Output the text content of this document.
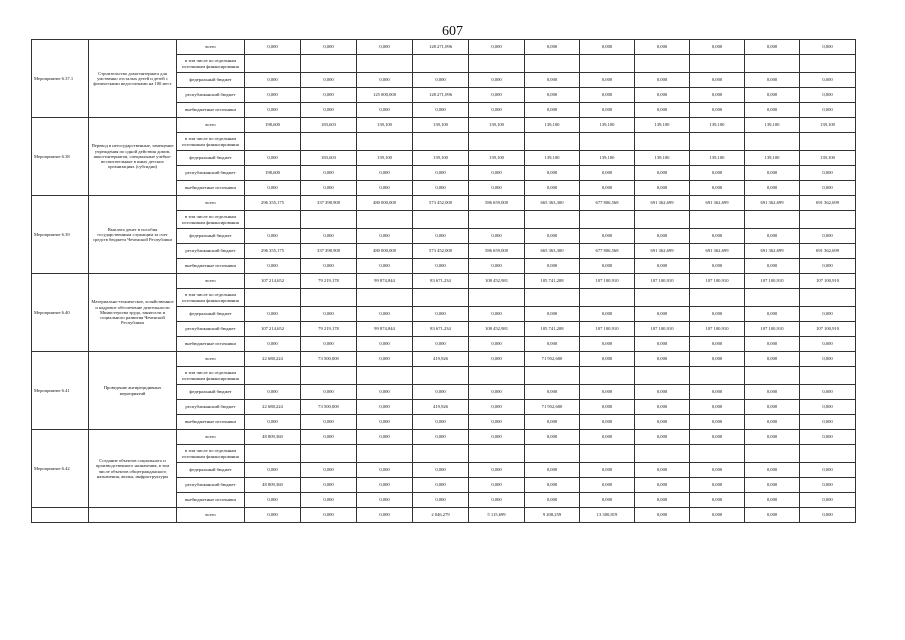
607
Мероприятие 6.37.1	Строительство дома-интерната для умственно отсталых детей и детей с физическими недостатками на 100 мест	всего	0,000	0,000	0,000	128 271,096	0,000	0,000	0,000	0,000	0,000	0,000	0,000
		в том числе по отдельным источникам финансирования											
		федеральный бюджет	0,000	0,000	0,000	0,000	0,000	0,000	0,000	0,000	0,000	0,000	0,000
		республиканский бюджет	0,000	0,000	125 000,000	128 271,096	0,000	0,000	0,000	0,000	0,000	0,000	0,000
		внебюджетные источники	0,000	0,000	0,000	0,000	0,000	0,000	0,000	0,000	0,000	0,000	0,000
Мероприятие 6.38	Перевод в негосударственные, замещение учреждения по одной действия домов, школ-интернатов, специальные учебно-воспитательные в иных детских организациях (субсидии)	всего	198,600	183,603	139,100	139,100	139,100	139,100	139,100	139,100	139,100	139,100	139,100
		в том числе по отдельным источникам финансирования											
		федеральный бюджет	0,000	183,603	139,100	139,100	139,100	139,100	139,100	139,100	139,100	139,100	139,100
		республиканский бюджет	198,600	0,000	0,000	0,000	0,000	0,000	0,000	0,000	0,000	0,000	0,000
		внебюджетные источники	0,000	0,000	0,000	0,000	0,000	0,000	0,000	0,000	0,000	0,000	0,000
Мероприятие 6.39	Выплата денег в пособия государственным служащим за счет средств бюджета Чеченской Республики	всего	296 355,175	337 398,900	480 000,000	573 452,000	586 659,000	665 363,300	677 806,568	691 362,699	691 362,699	691 362,699	691 362,699
		в том числе по отдельным источникам финансирования											
		федеральный бюджет	0,000	0,000	0,000	0,000	0,000	0,000	0,000	0,000	0,000	0,000	0,000
		республиканский бюджет	296 355,175	337 398,900	480 000,000	573 452,000	586 659,000	665 363,300	677 806,568	691 362,699	691 362,699	691 362,699	691 362,699
		внебюджетные источники	0,000	0,000	0,000	0,000	0,000	0,000	0,000	0,000	0,000	0,000	0,000
Мероприятие 6.40	Материально-техническое, хозяйственное и кадровое обеспечение деятельности Министерства труда, занятости и социального развития Чеченской Республики	всего	107 214,652	79 219,178	99 874,844	83 671,234	108 452,981	105 741,208	107 100,910	107 100,910	107 100,910	107 100,910	107 100,910
		в том числе по отдельным источникам финансирования											
		федеральный бюджет	0,000	0,000	0,000	0,000	0,000	0,000	0,000	0,000	0,000	0,000	0,000
		республиканский бюджет	107 214,652	79 219,178	99 874,844	83 671,234	108 452,981	105 741,208	107 100,910	107 100,910	107 100,910	107 100,910	107 100,910
		внебюджетные источники	0,000	0,000	0,000	0,000	0,000	0,000	0,000	0,000	0,000	0,000	0,000
Мероприятие 6.41	Проведение антирецидивных мероприятий	всего	22 688,224	73 500,000	0,000	419,926	0,000	71 952,600	0,000	0,000	0,000	0,000	0,000
		в том числе по отдельным источникам финансирования											
		федеральный бюджет	0,000	0,000	0,000	0,000	0,000	0,000	0,000	0,000	0,000	0,000	0,000
		республиканский бюджет	22 688,224	73 500,000	0,000	419,926	0,000	71 952,600	0,000	0,000	0,000	0,000	0,000
		внебюджетные источники	0,000	0,000	0,000	0,000	0,000	0,000	0,000	0,000	0,000	0,000	0,000
Мероприятие 6.42	Создание объектов социального и производственного назначения, в том числе объектов общегражданского назначения, жилья, инфраструктуры	всего	48 809,360	0,000	0,000	0,000	0,000	0,000	0,000	0,000	0,000	0,000	0,000
		в том числе по отдельным источникам финансирования											
		федеральный бюджет	0,000	0,000	0,000	0,000	0,000	0,000	0,000	0,000	0,000	0,000	0,000
		республиканский бюджет	48 809,360	0,000	0,000	0,000	0,000	0,000	0,000	0,000	0,000	0,000	0,000
		внебюджетные источники	0,000	0,000	0,000	0,000	0,000	0,000	0,000	0,000	0,000	0,000	0,000
		всего	0,000	0,000	0,000	2 046,279	5 115,699	9 208,259	13 300,819	0,000	0,000	0,000	0,000
